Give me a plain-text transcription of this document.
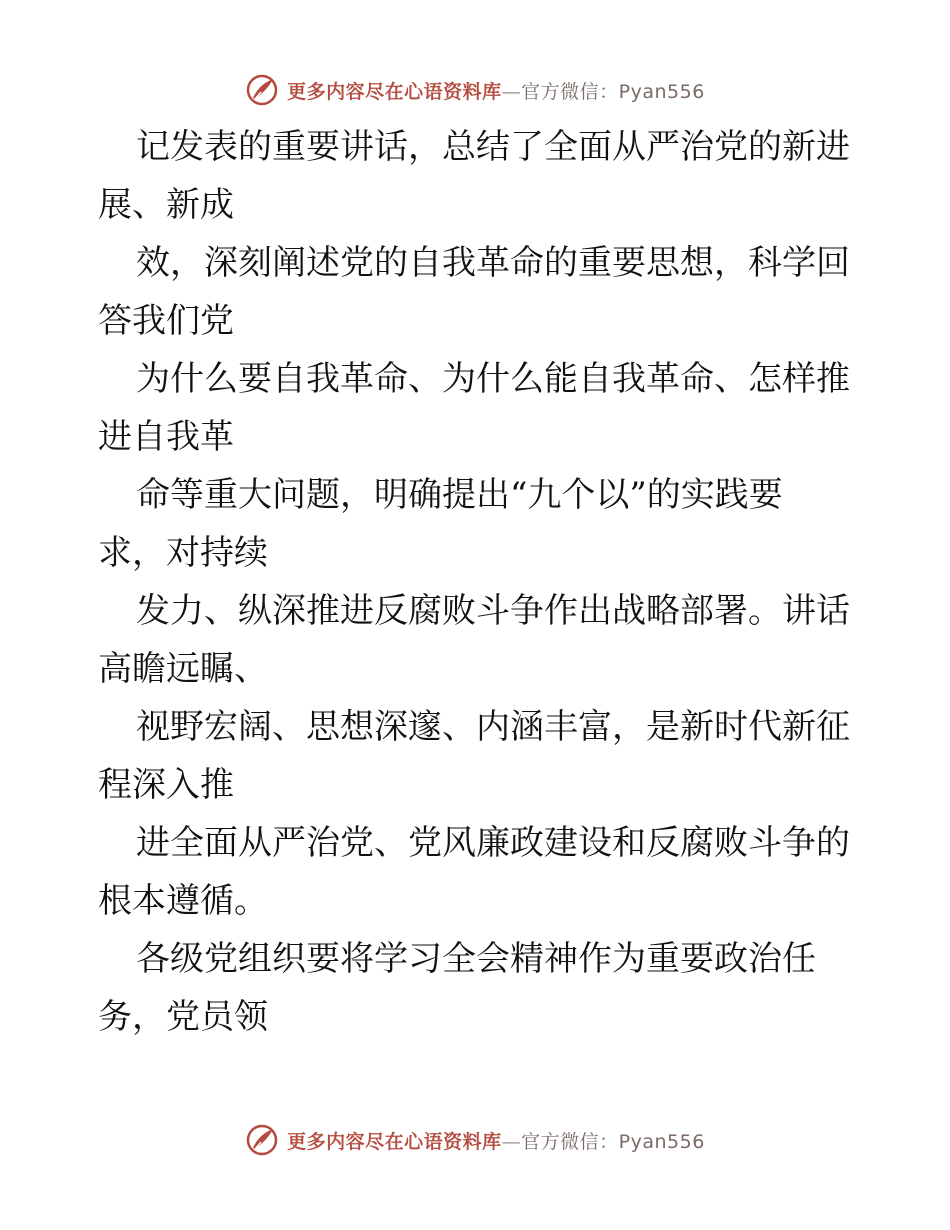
更多内容尽在心语资料库—官方微信：Pyan556
记发表的重要讲话，总结了全面从严治党的新进
展、新成
效，深刻阐述党的自我革命的重要思想，科学回
答我们党
为什么要自我革命、为什么能自我革命、怎样推
进自我革
命等重大问题，明确提出“九个以”的实践要
求，对持续
发力、纵深推进反腐败斗争作出战略部署。讲话
高瞻远瞩、
视野宏阔、思想深邃、内涵丰富，是新时代新征
程深入推
进全面从严治党、党风廉政建设和反腐败斗争的
根本遵循。
各级党组织要将学习全会精神作为重要政治任
务，党员领
更多内容尽在心语资料库—官方微信：Pyan556
